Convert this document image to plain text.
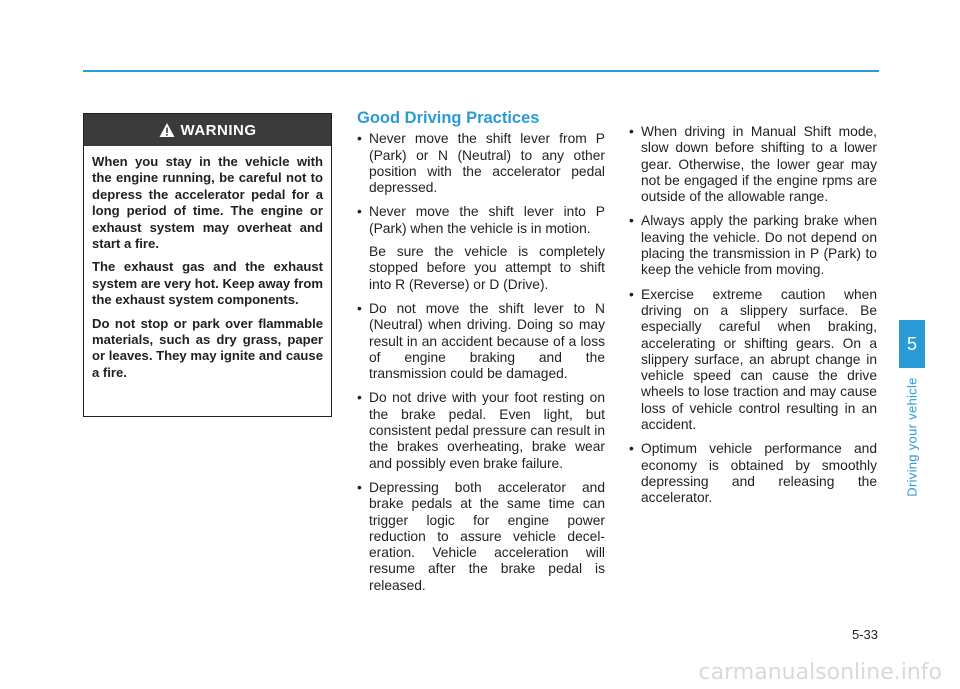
WARNING

When you stay in the vehicle with the engine running, be careful not to depress the accelerator pedal for a long period of time. The engine or exhaust system may overheat and start a fire.

The exhaust gas and the exhaust system are very hot. Keep away from the exhaust system components.

Do not stop or park over flammable materials, such as dry grass, paper or leaves. They may ignite and cause a fire.

Good Driving Practices
• Never move the shift lever from P (Park) or N (Neutral) to any other position with the accelerator pedal depressed.

• Never move the shift lever into P (Park) when the vehicle is in motion.

Be sure the vehicle is completely stopped before you attempt to shift into R (Reverse) or D (Drive).

• Do not move the shift lever to N (Neutral) when driving. Doing so may result in an accident because of a loss of engine braking and the transmission could be damaged.

• Do not drive with your foot resting on the brake pedal. Even light, but consistent pedal pressure can result in the brakes overheating, brake wear and possibly even brake failure.

• Depressing both accelerator and brake pedals at the same time can trigger logic for engine power reduction to assure vehicle deceleration. Vehicle acceleration will resume after the brake pedal is released.

• When driving in Manual Shift mode, slow down before shifting to a lower gear. Otherwise, the lower gear may not be engaged if the engine rpms are outside of the allowable range.

• Always apply the parking brake when leaving the vehicle. Do not depend on placing the transmission in P (Park) to keep the vehicle from moving.

• Exercise extreme caution when driving on a slippery surface. Be especially careful when braking, accelerating or shifting gears. On a slippery surface, an abrupt change in vehicle speed can cause the drive wheels to lose traction and may cause loss of vehicle control resulting in an accident.

• Optimum vehicle performance and economy is obtained by smoothly depressing and releasing the accelerator.

5
Driving your vehicle
5-33
carmanualsonline.info
